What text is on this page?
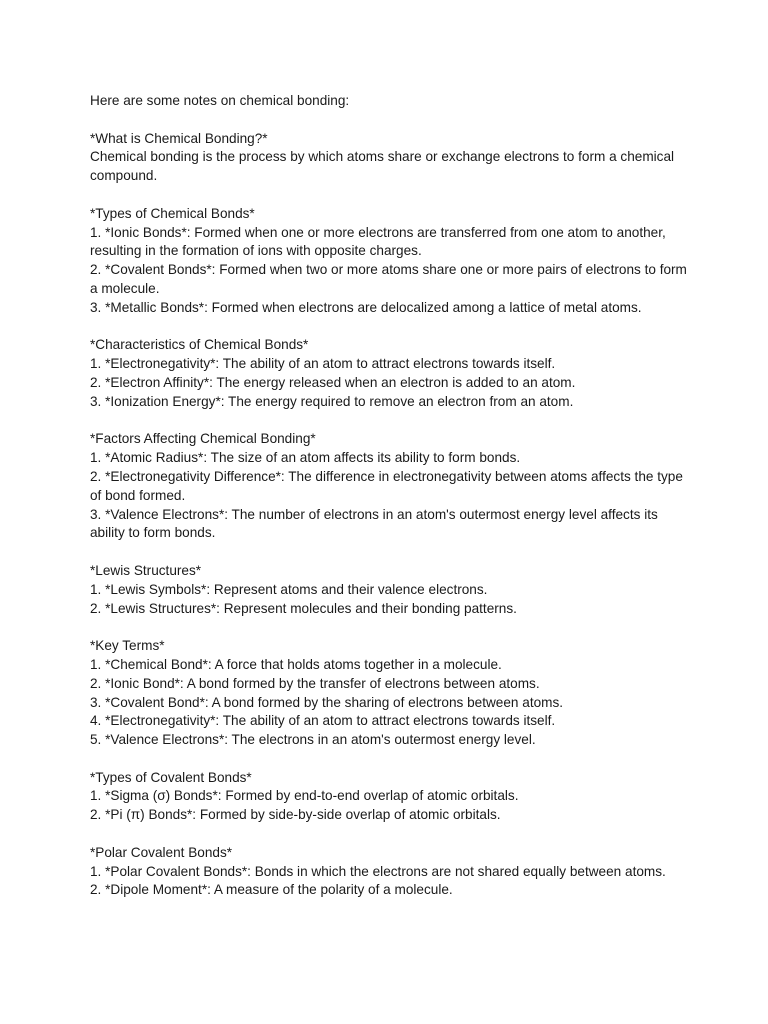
Here are some notes on chemical bonding:

*What is Chemical Bonding?*

Chemical bonding is the process by which atoms share or exchange electrons to form a chemical compound.

*Types of Chemical Bonds*

1. *Ionic Bonds*: Formed when one or more electrons are transferred from one atom to another, resulting in the formation of ions with opposite charges.

2. *Covalent Bonds*: Formed when two or more atoms share one or more pairs of electrons to form a molecule.

3. *Metallic Bonds*: Formed when electrons are delocalized among a lattice of metal atoms.

*Characteristics of Chemical Bonds*

1. *Electronegativity*: The ability of an atom to attract electrons towards itself.

2. *Electron Affinity*: The energy released when an electron is added to an atom.

3. *Ionization Energy*: The energy required to remove an electron from an atom.

*Factors Affecting Chemical Bonding*

1. *Atomic Radius*: The size of an atom affects its ability to form bonds.

2. *Electronegativity Difference*: The difference in electronegativity between atoms affects the type of bond formed.

3. *Valence Electrons*: The number of electrons in an atom's outermost energy level affects its ability to form bonds.

*Lewis Structures*

1. *Lewis Symbols*: Represent atoms and their valence electrons.

2. *Lewis Structures*: Represent molecules and their bonding patterns.

*Key Terms*

1. *Chemical Bond*: A force that holds atoms together in a molecule.

2. *Ionic Bond*: A bond formed by the transfer of electrons between atoms.

3. *Covalent Bond*: A bond formed by the sharing of electrons between atoms.

4. *Electronegativity*: The ability of an atom to attract electrons towards itself.

5. *Valence Electrons*: The electrons in an atom's outermost energy level.

*Types of Covalent Bonds*

1. *Sigma (σ) Bonds*: Formed by end-to-end overlap of atomic orbitals.

2. *Pi (π) Bonds*: Formed by side-by-side overlap of atomic orbitals.

*Polar Covalent Bonds*

1. *Polar Covalent Bonds*: Bonds in which the electrons are not shared equally between atoms.

2. *Dipole Moment*: A measure of the polarity of a molecule.
